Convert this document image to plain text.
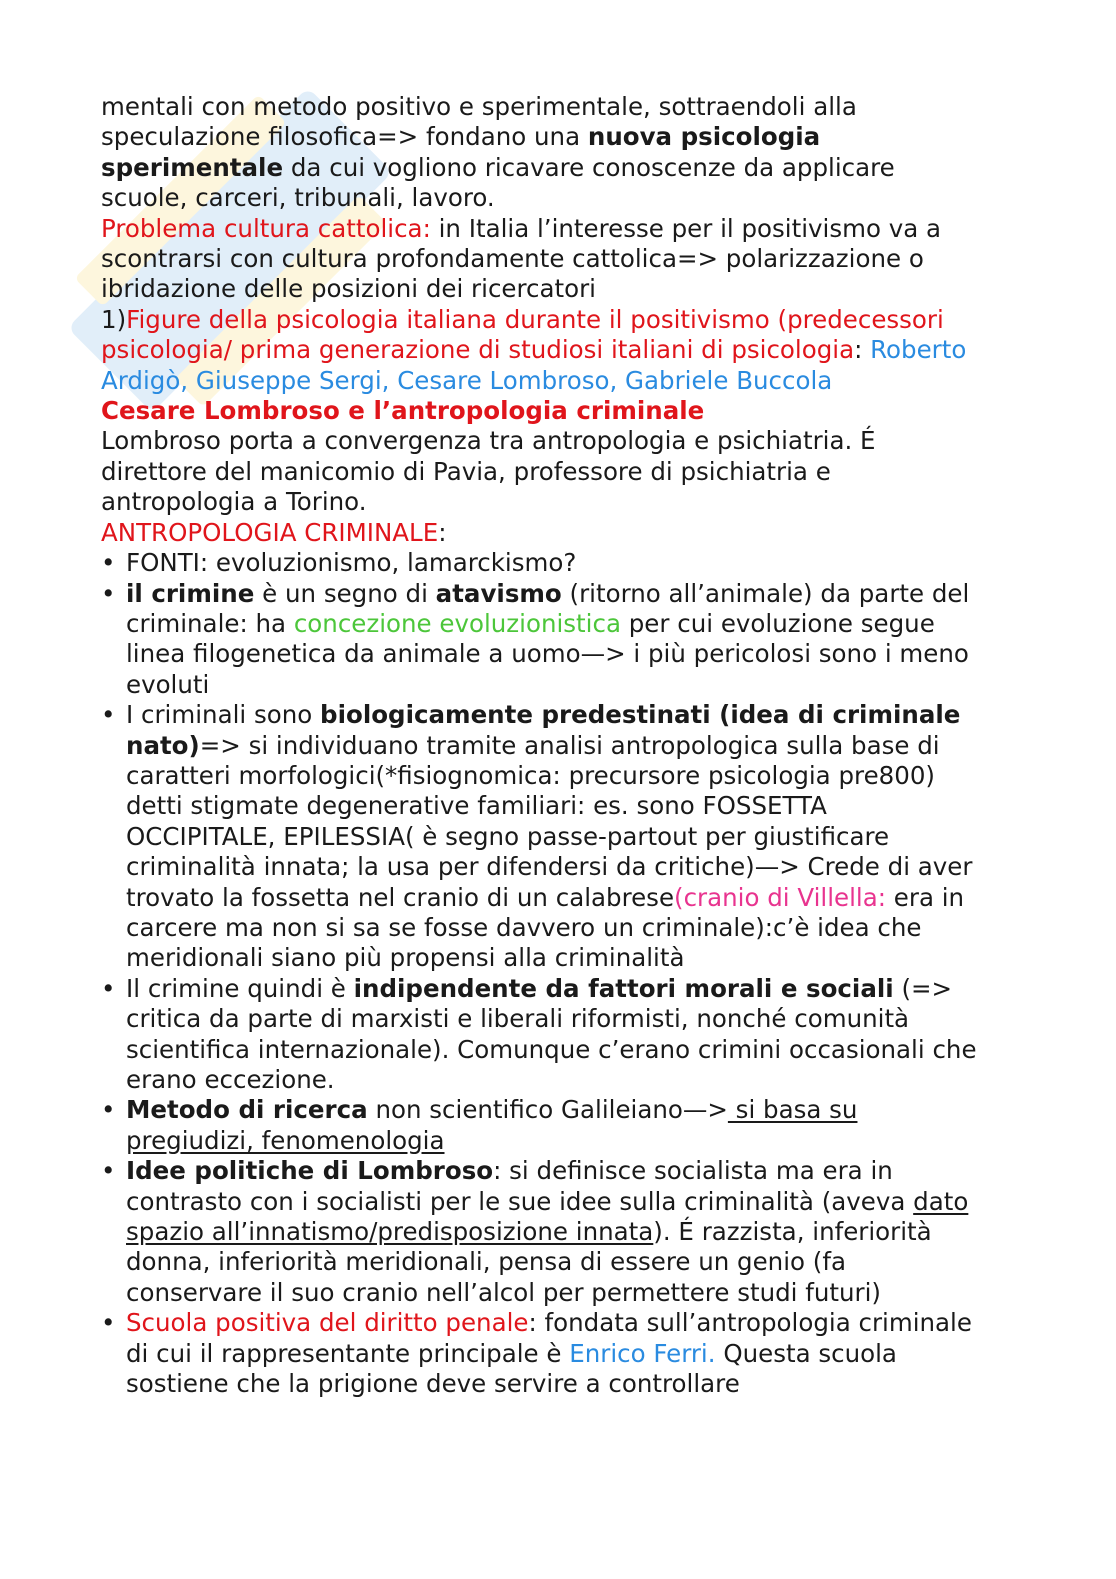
mentali con metodo positivo e sperimentale, sottraendoli alla speculazione filosofica=> fondano una nuova psicologia sperimentale da cui vogliono ricavare conoscenze da applicare scuole, carceri, tribunali, lavoro.

Problema cultura cattolica: in Italia l’interesse per il positivismo va a scontrarsi con cultura profondamente cattolica=> polarizzazione o ibridazione delle posizioni dei ricercatori

1)Figure della psicologia italiana durante il positivismo (predecessori psicologia/ prima generazione di studiosi italiani di psicologia: Roberto Ardigò, Giuseppe Sergi, Cesare Lombroso, Gabriele Buccola

Cesare Lombroso e l’antropologia criminale

Lombroso porta a convergenza tra antropologia e psichiatria. É direttore del manicomio di Pavia, professore di psichiatria e antropologia a Torino.

ANTROPOLOGIA CRIMINALE:

• FONTI: evoluzionismo, lamarckismo?
• il crimine è un segno di atavismo (ritorno all’animale) da parte del criminale: ha concezione evoluzionistica per cui evoluzione segue linea filogenetica da animale a uomo—> i più pericolosi sono i meno evoluti
• I criminali sono biologicamente predestinati (idea di criminale nato)=> si individuano tramite analisi antropologica sulla base di caratteri morfologici(*fisiognomica: precursore psicologia pre800) detti stigmate degenerative familiari: es. sono FOSSETTA OCCIPITALE, EPILESSIA( è segno passe-partout per giustificare criminalità innata; la usa per difendersi da critiche)—> Crede di aver trovato la fossetta nel cranio di un calabrese(cranio di Villella: era in carcere ma non si sa se fosse davvero un criminale):c’è idea che meridionali siano più propensi alla criminalità
• Il crimine quindi è indipendente da fattori morali e sociali (=> critica da parte di marxisti e liberali riformisti, nonché comunità scientifica internazionale). Comunque c’erano crimini occasionali che erano eccezione.
• Metodo di ricerca non scientifico Galileiano—> si basa su pregiudizi, fenomenologia
• Idee politiche di Lombroso: si definisce socialista ma era in contrasto con i socialisti per le sue idee sulla criminalità (aveva dato spazio all’innatismo/predisposizione innata). É razzista, inferiorità donna, inferiorità meridionali, pensa di essere un genio (fa conservare il suo cranio nell’alcol per permettere studi futuri)
• Scuola positiva del diritto penale: fondata sull’antropologia criminale di cui il rappresentante principale è Enrico Ferri. Questa scuola sostiene che la prigione deve servire a controllare
